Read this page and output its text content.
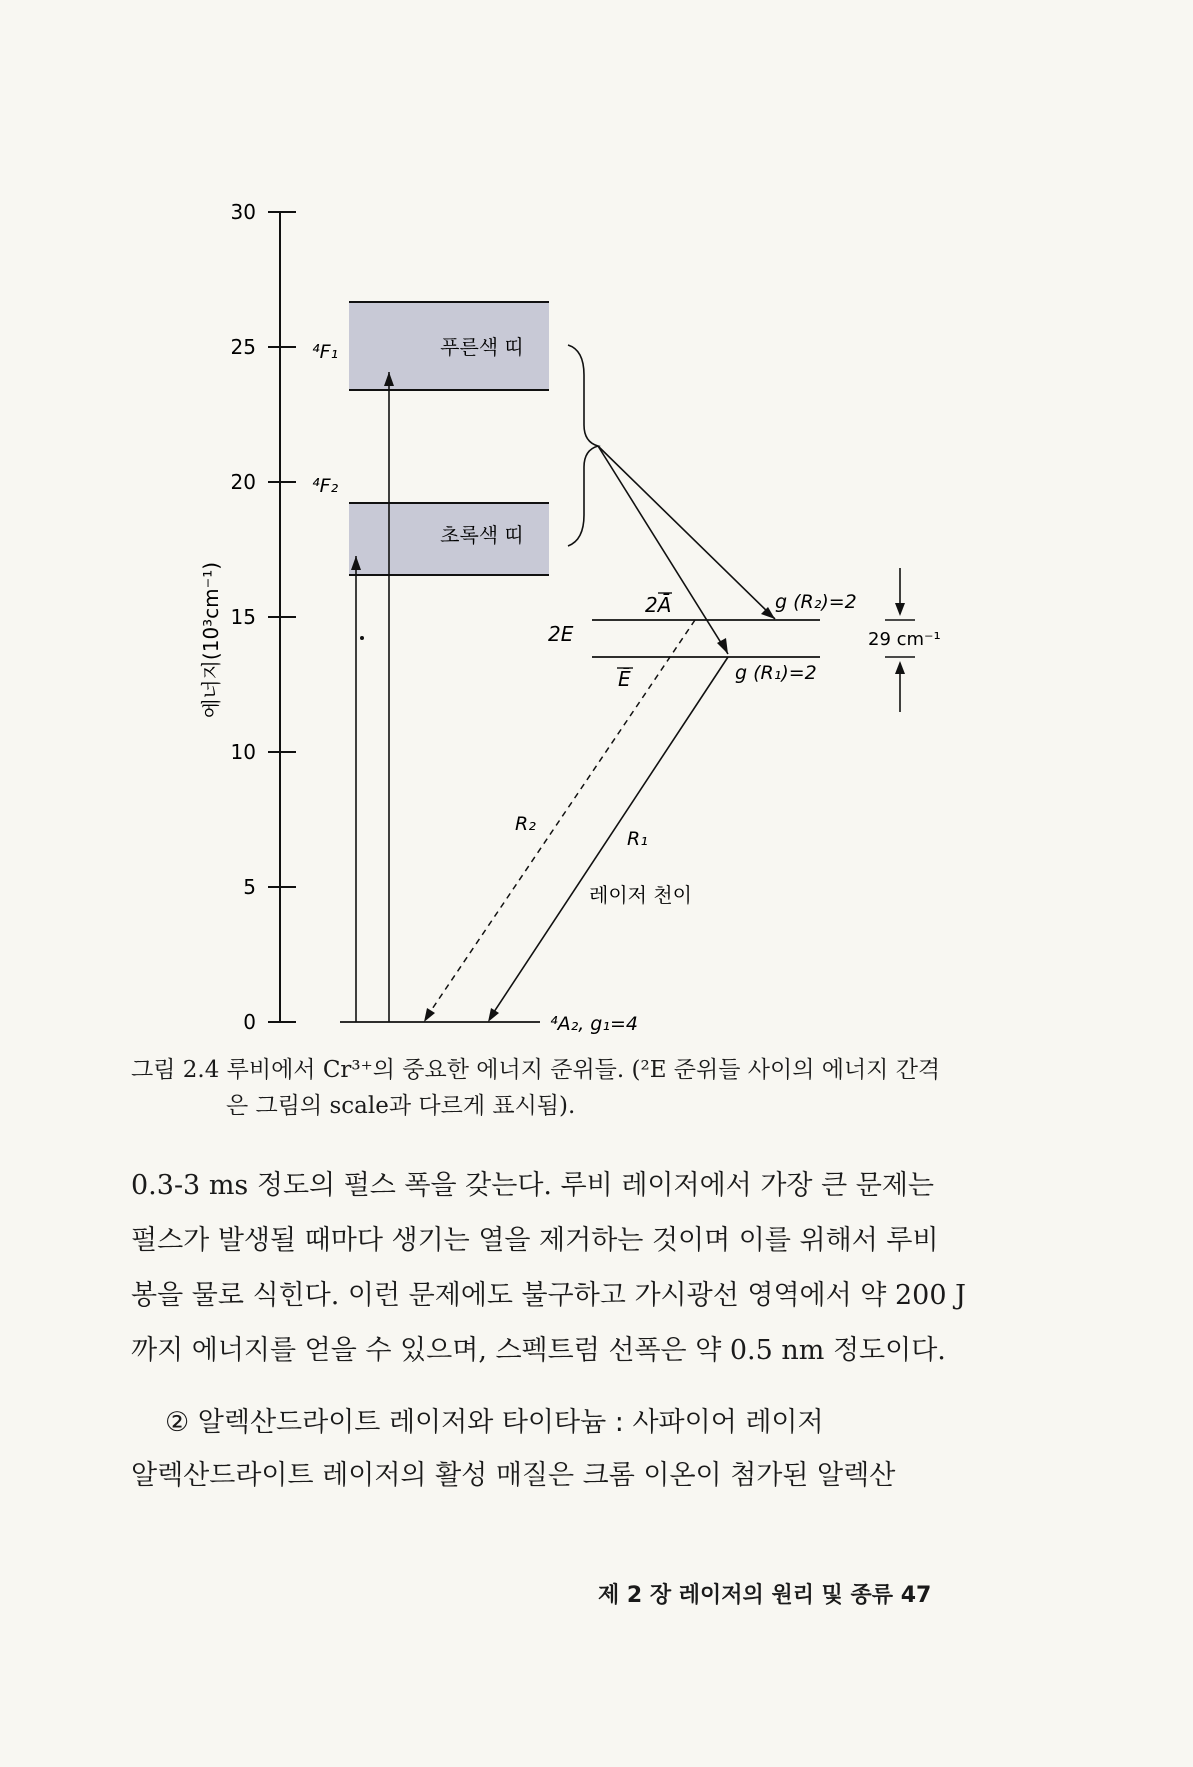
30
25
20
15
10
5
0
에너지(10³cm⁻¹)
⁴F₁	푸른색 띠
⁴F₂
초록색 띠
2Ā
2E
Ē
g (R₂)=2
g (R₁)=2
29 cm⁻¹
R₂
R₁
레이저 천이
⁴A₂, g₁=4
그림 2.4 루비에서 Cr³⁺의 중요한 에너지 준위들. (²E 준위들 사이의 에너지 간격
은 그림의 scale과 다르게 표시됨).

0.3-3 ms 정도의 펄스 폭을 갖는다. 루비 레이저에서 가장 큰 문제는

펄스가 발생될 때마다 생기는 열을 제거하는 것이며 이를 위해서 루비

봉을 물로 식힌다. 이런 문제에도 불구하고 가시광선 영역에서 약 200 J

까지 에너지를 얻을 수 있으며, 스펙트럼 선폭은 약 0.5 nm 정도이다.

② 알렉산드라이트 레이저와 타이타늄 : 사파이어 레이저

알렉산드라이트 레이저의 활성 매질은 크롬 이온이 첨가된 알렉산

제 2 장 레이저의 원리 및 종류 47
